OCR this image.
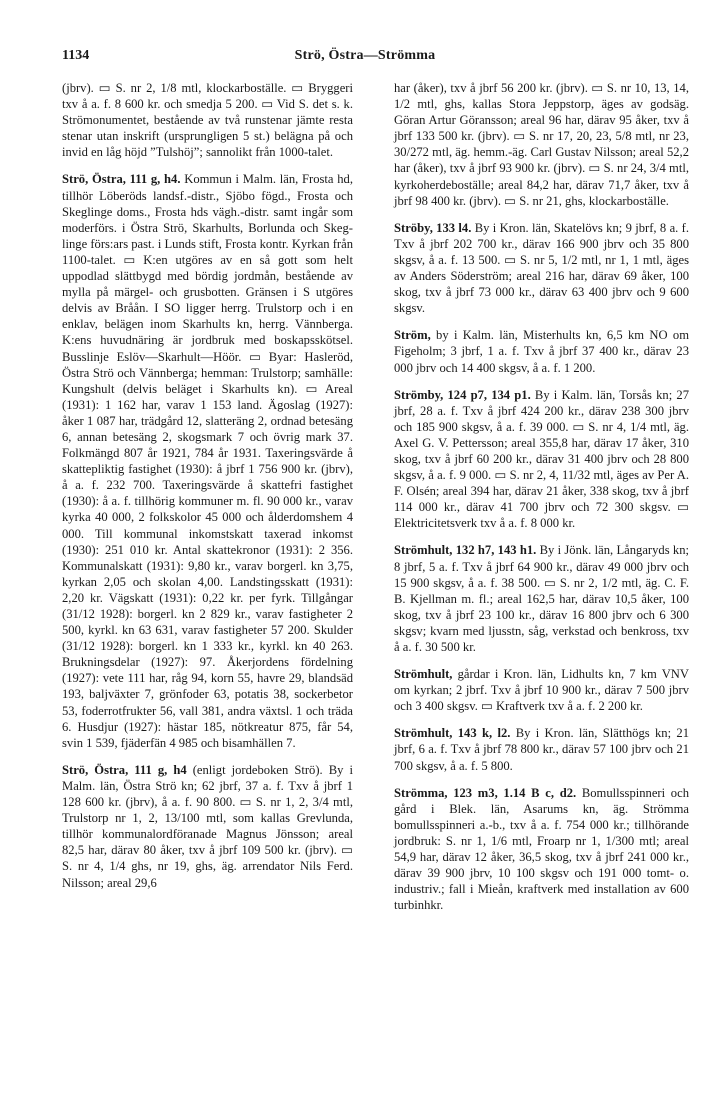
1134	Strö, Östra—Strömma

(jbrv). ▭ S. nr 2, 1/8 mtl, klockarboställe. ▭ Bryggeri txv å a. f. 8 600 kr. och smedja 5 200. ▭ Vid S. det s. k. Strömonumentet, bestående av två runstenar jämte resta stenar utan inskrift (ursprungligen 5 st.) belägna på och invid en låg höjd ”Tulshöj”; sannolikt från 1000-talet.

Strö, Östra, 111 g, h4. Kommun i Malm. län, Frosta hd, tillhör Löberöds landsf.-distr., Sjöbo fögd., Frosta och Skeglinge doms., Frosta hds vägh.-distr. samt ingår som moderförs. i Östra Strö, Skarhults, Borlunda och Skeglinge förs:ars past. i Lunds stift, Frosta kontr. Kyrkan från 1100-talet. ▭ K:en utgöres av en så gott som helt uppodlad slättbygd med bördig jordmån, bestående av mylla på märgel- och grusbotten. Gränsen i S utgöres delvis av Bråån. I SO ligger herrg. Trulstorp och i en enklav, belägen inom Skarhults kn, herrg. Vännberga. K:ens huvudnäring är jordbruk med boskapsskötsel. Busslinje Eslöv—Skarhult—Höör. ▭ Byar: Hasleröd, Östra Strö och Vännberga; hemman: Trulstorp; samhälle: Kungshult (delvis beläget i Skarhults kn). ▭ Areal (1931): 1 162 har, varav 1 153 land. Ägoslag (1927): åker 1 087 har, trädgård 12, slatteräng 2, ordnad betesäng 6, annan betesäng 2, skogsmark 7 och övrig mark 37. Folkmängd 807 år 1921, 784 år 1931. Taxeringsvärde å skattepliktig fastighet (1930): å jbrf 1 756 900 kr. (jbrv), å a. f. 232 700. Taxeringsvärde å skattefri fastighet (1930): å a. f. tillhörig kommuner m. fl. 90 000 kr., varav kyrka 40 000, 2 folkskolor 45 000 och ålderdomshem 4 000. Till kommunal inkomstskatt taxerad inkomst (1930): 251 010 kr. Antal skattekronor (1931): 2 356. Kommunalskatt (1931): 9,80 kr., varav borgerl. kn 3,75, kyrkan 2,05 och skolan 4,00. Landstingsskatt (1931): 2,20 kr. Vägskatt (1931): 0,22 kr. per fyrk. Tillgångar (31/12 1928): borgerl. kn 2 829 kr., varav fastigheter 2 500, kyrkl. kn 63 631, varav fastigheter 57 200. Skulder (31/12 1928): borgerl. kn 1 333 kr., kyrkl. kn 40 263. Brukningsdelar (1927): 97. Åkerjordens fördelning (1927): vete 111 har, råg 94, korn 55, havre 29, blandsäd 193, baljväxter 7, grönfoder 63, potatis 38, sockerbetor 53, foderrotfrukter 56, vall 381, andra växtsl. 1 och träda 6. Husdjur (1927): hästar 185, nötkreatur 875, får 54, svin 1 539, fjäderfän 4 985 och bisamhällen 7.

Strö, Östra, 111 g, h4 (enligt jordeboken Strö). By i Malm. län, Östra Strö kn; 62 jbrf, 37 a. f. Txv å jbrf 1 128 600 kr. (jbrv), å a. f. 90 800. ▭ S. nr 1, 2, 3/4 mtl, Trulstorp nr 1, 2, 13/100 mtl, som kallas Grevlunda, tillhör kommunalordföranade Magnus Jönsson; areal 82,5 har, därav 80 åker, txv å jbrf 109 500 kr. (jbrv). ▭ S. nr 4, 1/4 ghs, nr 19, ghs, äg. arrendator Nils Ferd. Nilsson; areal 29,6

har (åker), txv å jbrf 56 200 kr. (jbrv). ▭ S. nr 10, 13, 14, 1/2 mtl, ghs, kallas Stora Jeppstorp, äges av godsäg. Göran Artur Göransson; areal 96 har, därav 95 åker, txv å jbrf 133 500 kr. (jbrv). ▭ S. nr 17, 20, 23, 5/8 mtl, nr 23, 30/272 mtl, äg. hemm.-äg. Carl Gustav Nilsson; areal 52,2 har (åker), txv å jbrf 93 900 kr. (jbrv). ▭ S. nr 24, 3/4 mtl, kyrkoherdeboställe; areal 84,2 har, därav 71,7 åker, txv å jbrf 98 400 kr. (jbrv). ▭ S. nr 21, ghs, klockarboställe.

Ströby, 133 l4. By i Kron. län, Skatelövs kn; 9 jbrf, 8 a. f. Txv å jbrf 202 700 kr., därav 166 900 jbrv och 35 800 skgsv, å a. f. 13 500. ▭ S. nr 5, 1/2 mtl, nr 1, 1 mtl, äges av Anders Söderström; areal 216 har, därav 69 åker, 100 skog, txv å jbrf 73 000 kr., därav 63 400 jbrv och 9 600 skgsv.

Ström, by i Kalm. län, Misterhults kn, 6,5 km NO om Figeholm; 3 jbrf, 1 a. f. Txv å jbrf 37 400 kr., därav 23 000 jbrv och 14 400 skgsv, å a. f. 1 200.

Strömby, 124 p7, 134 p1. By i Kalm. län, Torsås kn; 27 jbrf, 28 a. f. Txv å jbrf 424 200 kr., därav 238 300 jbrv och 185 900 skgsv, å a. f. 39 000. ▭ S. nr 4, 1/4 mtl, äg. Axel G. V. Pettersson; areal 355,8 har, därav 17 åker, 310 skog, txv å jbrf 60 200 kr., därav 31 400 jbrv och 28 800 skgsv, å a. f. 9 000. ▭ S. nr 2, 4, 11/32 mtl, äges av Per A. F. Olsén; areal 394 har, därav 21 åker, 338 skog, txv å jbrf 114 000 kr., därav 41 700 jbrv och 72 300 skgsv. ▭ Elektricitetsverk txv å a. f. 8 000 kr.

Strömhult, 132 h7, 143 h1. By i Jönk. län, Långaryds kn; 8 jbrf, 5 a. f. Txv å jbrf 64 900 kr., därav 49 000 jbrv och 15 900 skgsv, å a. f. 38 500. ▭ S. nr 2, 1/2 mtl, äg. C. F. B. Kjellman m. fl.; areal 162,5 har, därav 10,5 åker, 100 skog, txv å jbrf 23 100 kr., därav 16 800 jbrv och 6 300 skgsv; kvarn med ljusstn, såg, verkstad och benkross, txv å a. f. 30 500 kr.

Strömhult, gårdar i Kron. län, Lidhults kn, 7 km VNV om kyrkan; 2 jbrf. Txv å jbrf 10 900 kr., därav 7 500 jbrv och 3 400 skgsv. ▭ Kraftverk txv å a. f. 2 200 kr.

Strömhult, 143 k, l2. By i Kron. län, Slätthögs kn; 21 jbrf, 6 a. f. Txv å jbrf 78 800 kr., därav 57 100 jbrv och 21 700 skgsv, å a. f. 5 800.

Strömma, 123 m3, 1.14 B c, d2. Bomullsspinneri och gård i Blek. län, Asarums kn, äg. Strömma bomullsspinneri a.-b., txv å a. f. 754 000 kr.; tillhörande jordbruk: S. nr 1, 1/6 mtl, Froarp nr 1, 1/300 mtl; areal 54,9 har, därav 12 åker, 36,5 skog, txv å jbrf 241 000 kr., därav 39 900 jbrv, 10 100 skgsv och 191 000 tomt- o. industriv.; fall i Mieån, kraftverk med installation av 600 turbinhkr.
